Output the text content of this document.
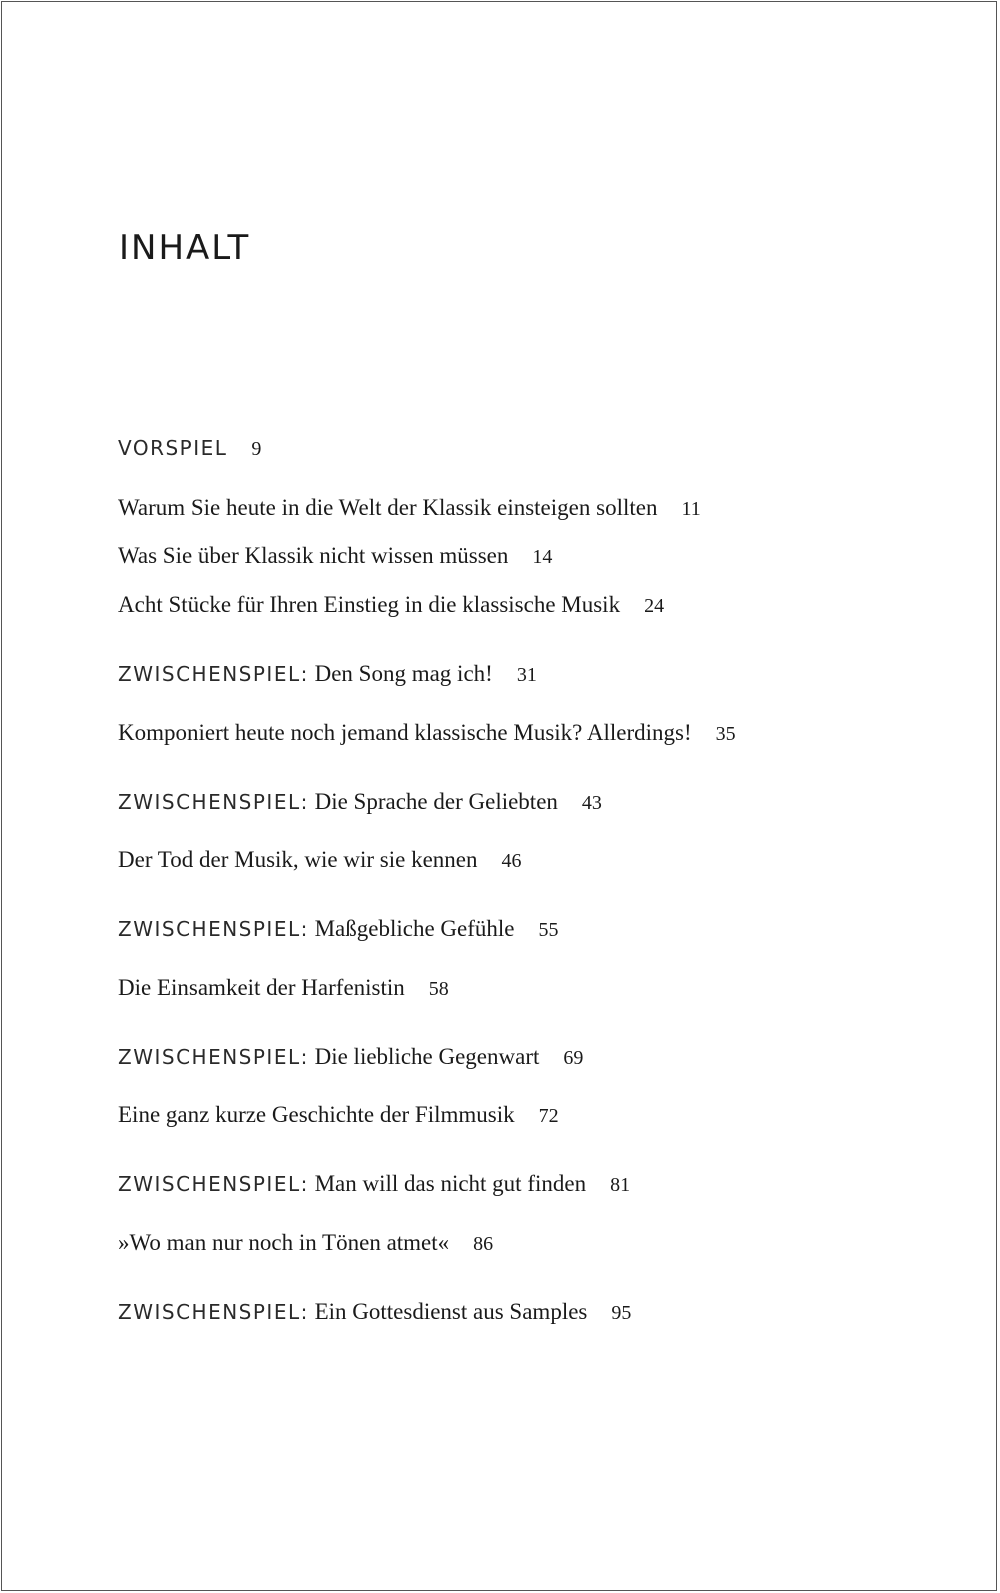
INHALT
VORSPIEL 9
Warum Sie heute in die Welt der Klassik einsteigen sollten 11
Was Sie über Klassik nicht wissen müssen 14
Acht Stücke für Ihren Einstieg in die klassische Musik 24
ZWISCHENSPIEL: Den Song mag ich! 31
Komponiert heute noch jemand klassische Musik? Allerdings! 35
ZWISCHENSPIEL: Die Sprache der Geliebten 43
Der Tod der Musik, wie wir sie kennen 46
ZWISCHENSPIEL: Maßgebliche Gefühle 55
Die Einsamkeit der Harfenistin 58
ZWISCHENSPIEL: Die liebliche Gegenwart 69
Eine ganz kurze Geschichte der Filmmusik 72
ZWISCHENSPIEL: Man will das nicht gut finden 81
»Wo man nur noch in Tönen atmet« 86
ZWISCHENSPIEL: Ein Gottesdienst aus Samples 95
